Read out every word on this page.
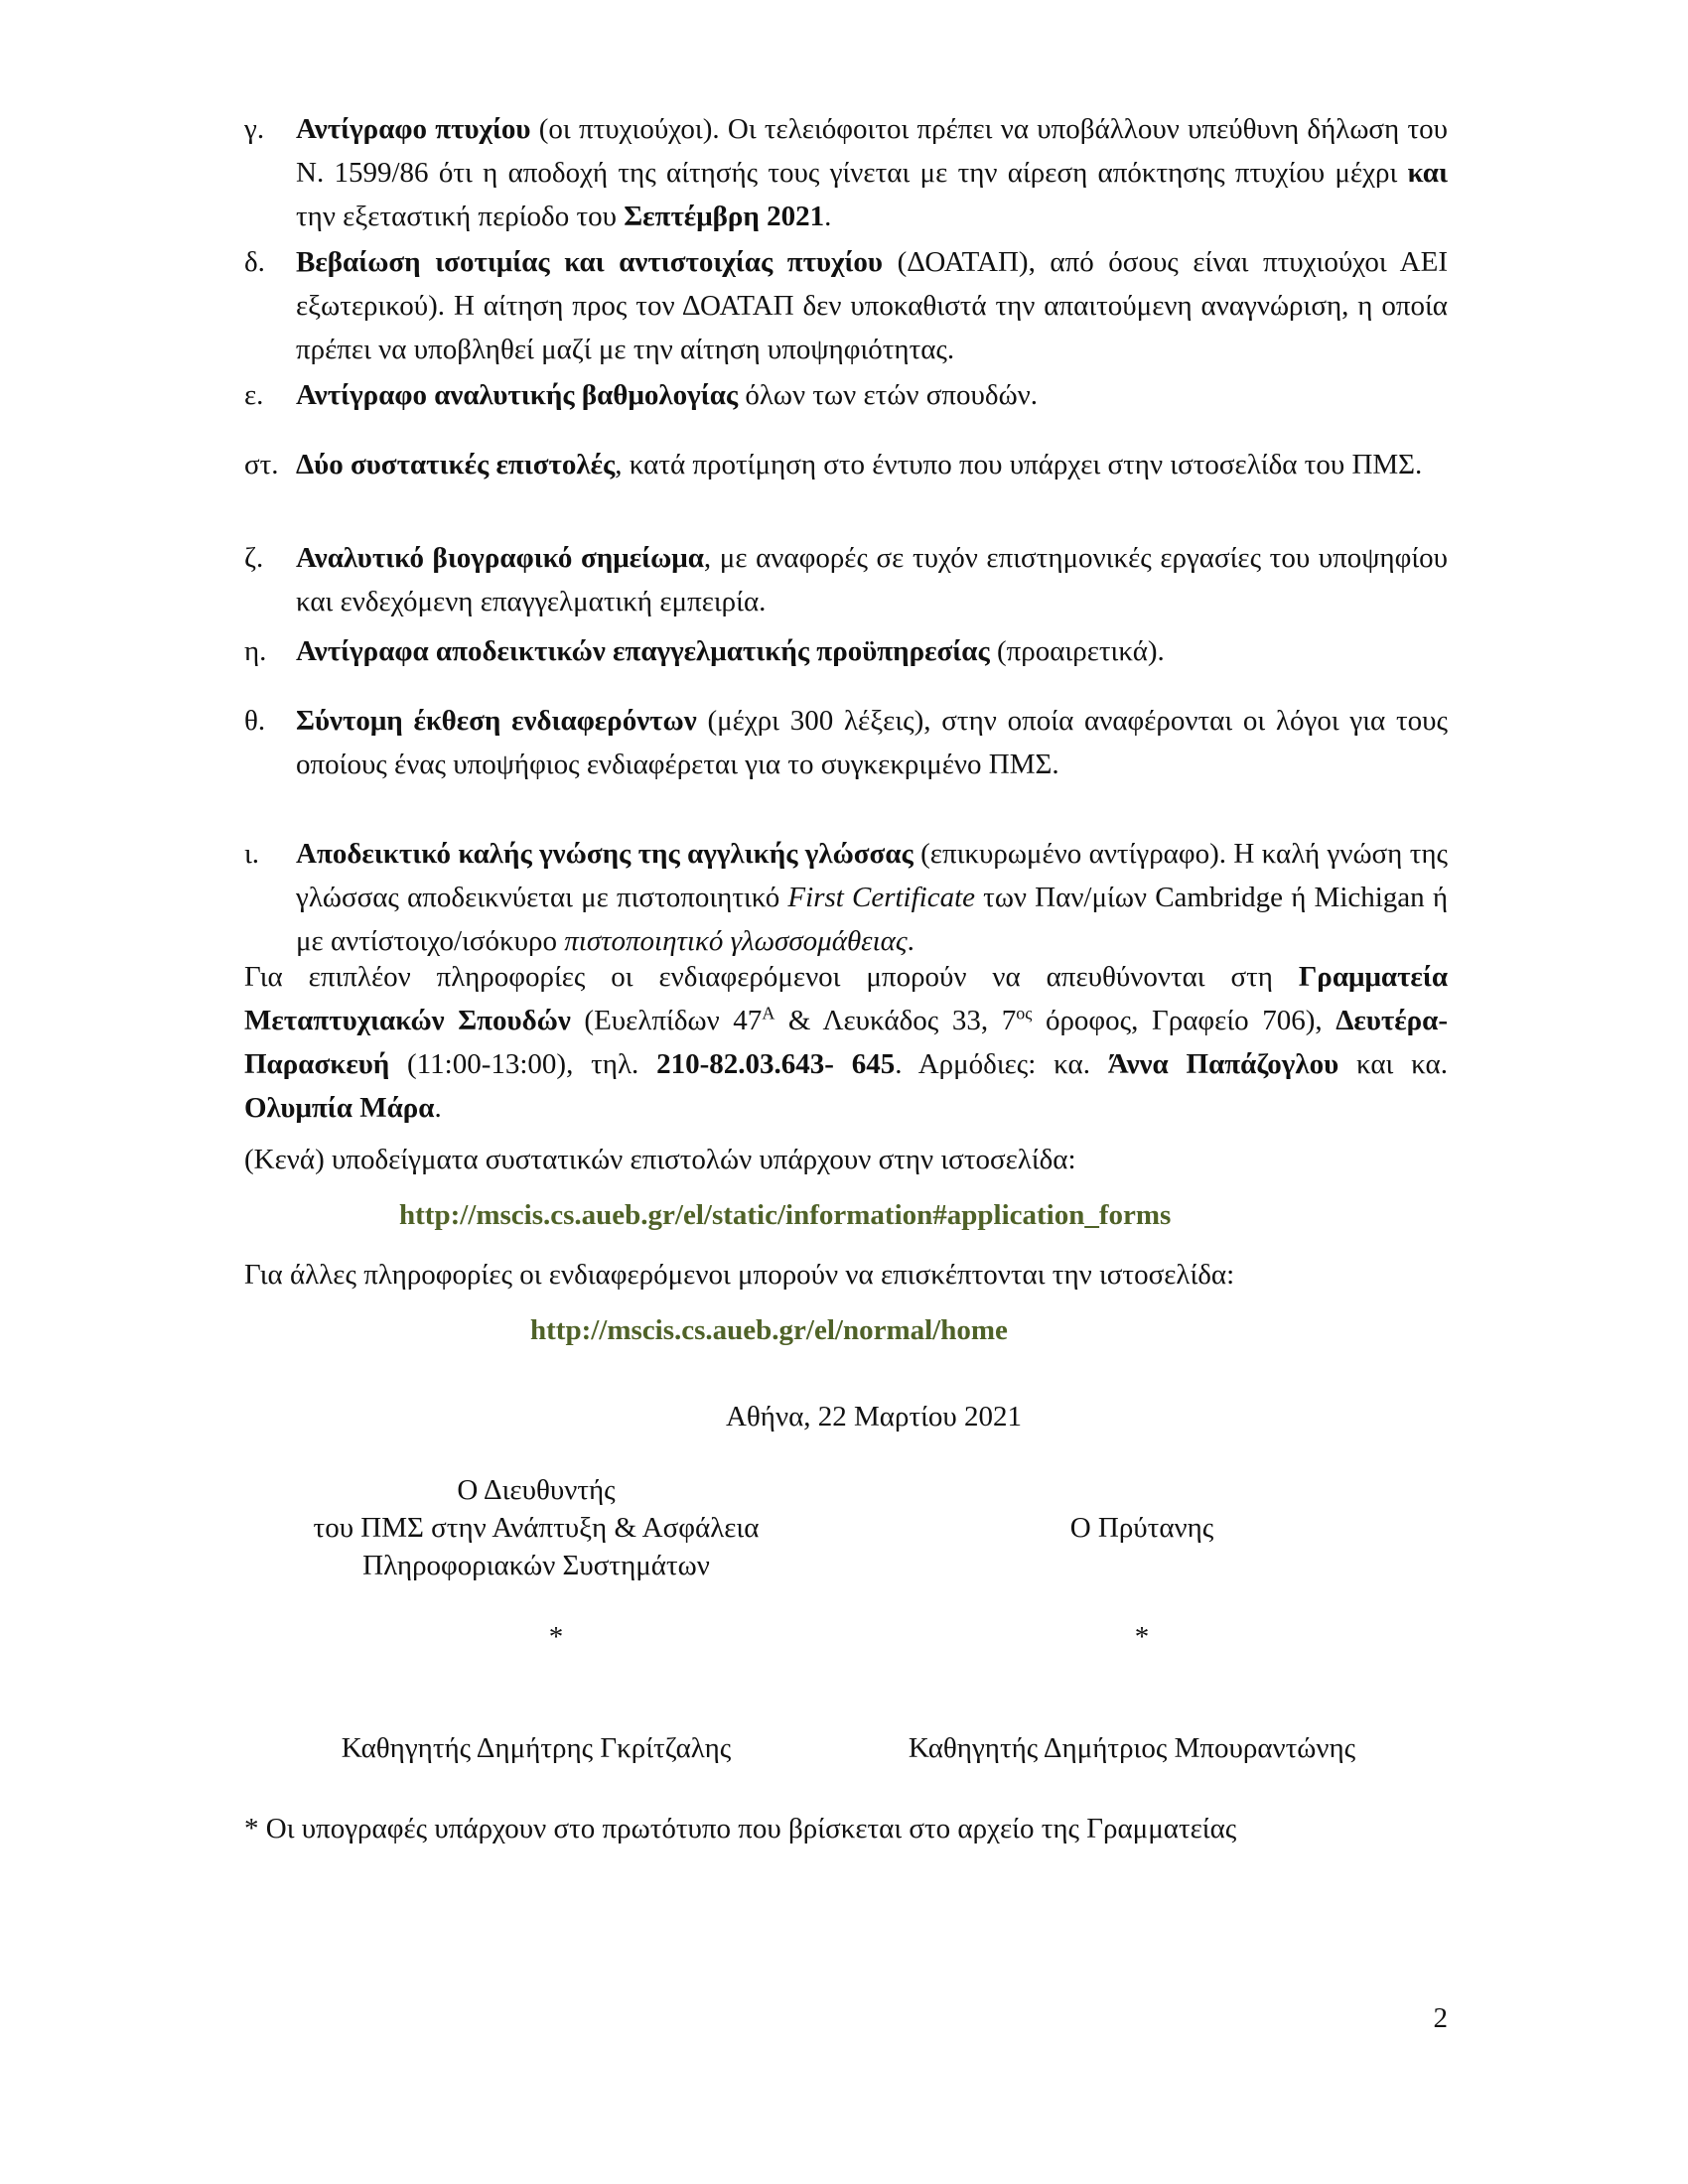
γ. Αντίγραφο πτυχίου (οι πτυχιούχοι). Οι τελειόφοιτοι πρέπει να υποβάλλουν υπεύθυνη δήλωση του Ν. 1599/86 ότι η αποδοχή της αίτησής τους γίνεται με την αίρεση απόκτησης πτυχίου μέχρι και την εξεταστική περίοδο του Σεπτέμβρη 2021.
δ. Βεβαίωση ισοτιμίας και αντιστοιχίας πτυχίου (ΔΟΑΤΑΠ), από όσους είναι πτυχιούχοι ΑΕΙ εξωτερικού). Η αίτηση προς τον ΔΟΑΤΑΠ δεν υποκαθιστά την απαιτούμενη αναγνώριση, η οποία πρέπει να υποβληθεί μαζί με την αίτηση υποψηφιότητας.
ε. Αντίγραφο αναλυτικής βαθμολογίας όλων των ετών σπουδών.
στ. Δύο συστατικές επιστολές, κατά προτίμηση στο έντυπο που υπάρχει στην ιστοσελίδα του ΠΜΣ.
ζ. Αναλυτικό βιογραφικό σημείωμα, με αναφορές σε τυχόν επιστημονικές εργασίες του υποψηφίου και ενδεχόμενη επαγγελματική εμπειρία.
η. Αντίγραφα αποδεικτικών επαγγελματικής προϋπηρεσίας (προαιρετικά).
θ. Σύντομη έκθεση ενδιαφερόντων (μέχρι 300 λέξεις), στην οποία αναφέρονται οι λόγοι για τους οποίους ένας υποψήφιος ενδιαφέρεται για το συγκεκριμένο ΠΜΣ.
ι. Αποδεικτικό καλής γνώσης της αγγλικής γλώσσας (επικυρωμένο αντίγραφο). Η καλή γνώση της γλώσσας αποδεικνύεται με πιστοποιητικό First Certificate των Παν/μίων Cambridge ή Michigan ή με αντίστοιχο/ισόκυρο πιστοποιητικό γλωσσομάθειας.
Για επιπλέον πληροφορίες οι ενδιαφερόμενοι μπορούν να απευθύνονται στη Γραμματεία Μεταπτυχιακών Σπουδών (Ευελπίδων $47^A$ & Λευκάδος 33, $7^{o\varsigma}$ όροφος, Γραφείο 706), Δευτέρα-Παρασκευή (11:00-13:00), τηλ. 210-82.03.643- 645. Αρμόδιες: κα. Άννα Παπάζογλου και κα. Ολυμπία Μάρα.
(Κενά) υποδείγματα συστατικών επιστολών υπάρχουν στην ιστοσελίδα:
http://mscis.cs.aueb.gr/el/static/information#application_forms
Για άλλες πληροφορίες οι ενδιαφερόμενοι μπορούν να επισκέπτονται την ιστοσελίδα:
http://mscis.cs.aueb.gr/el/normal/home
Αθήνα, 22 Μαρτίου 2021
Ο Διευθυντής
του ΠΜΣ στην Ανάπτυξη & Ασφάλεια
Πληροφοριακών Συστημάτων
Ο Πρύτανης
*	*
Καθηγητής Δημήτρης Γκρίτζαλης	Καθηγητής Δημήτριος Μπουραντώνης
* Οι υπογραφές υπάρχουν στο πρωτότυπο που βρίσκεται στο αρχείο της Γραμματείας
2
